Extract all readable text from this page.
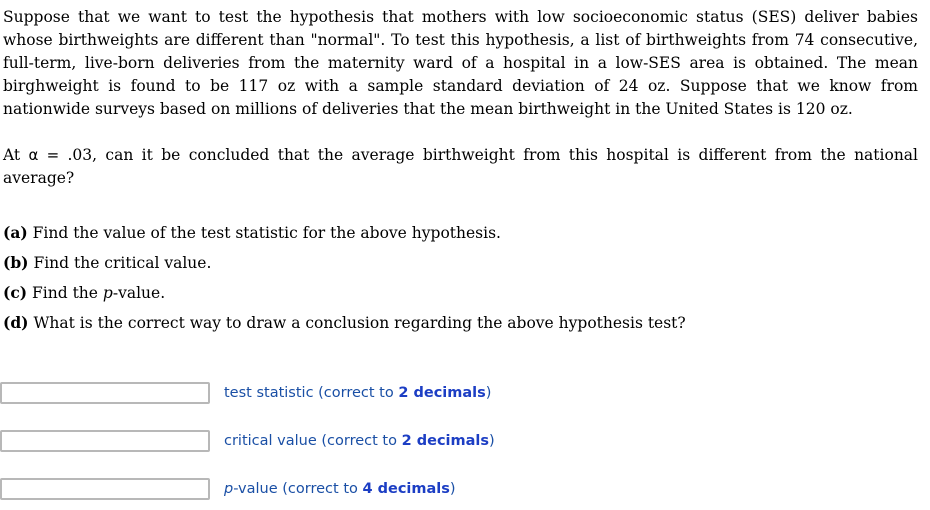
Suppose that we want to test the hypothesis that mothers with low socioeconomic status (SES) deliver babies whose birthweights are different than "normal". To test this hypothesis, a list of birthweights from 74 consecutive, full-term, live-born deliveries from the maternity ward of a hospital in a low-SES area is obtained. The mean birghweight is found to be 117 oz with a sample standard deviation of 24 oz. Suppose that we know from nationwide surveys based on millions of deliveries that the mean birthweight in the United States is 120 oz.

At α = .03, can it be concluded that the average birthweight from this hospital is different from the national average?

(a) Find the value of the test statistic for the above hypothesis.
(b) Find the critical value.
(c) Find the p-value.
(d) What is the correct way to draw a conclusion regarding the above hypothesis test?
test statistic (correct to 2 decimals)
critical value (correct to 2 decimals)
p-value (correct to 4 decimals)
